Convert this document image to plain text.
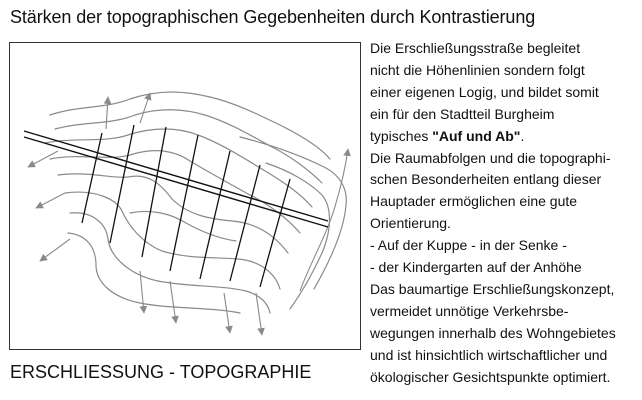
Stärken der topographischen Gegebenheiten durch Kontrastierung
ERSCHLIESSUNG - TOPOGRAPHIE
Die Erschließungsstraße begleitet
nicht die Höhenlinien sondern folgt
einer eigenen Logig, und bildet somit
ein für den Stadtteil Burgheim
typisches "Auf und Ab".
Die Raumabfolgen und die topographi-
schen Besonderheiten entlang dieser
Hauptader ermöglichen eine gute
Orientierung.
- Auf der Kuppe - in der Senke -
- der Kindergarten auf der Anhöhe
Das baumartige Erschließungskonzept,
vermeidet unnötige Verkehrsbe-
wegungen innerhalb des Wohngebietes
und ist hinsichtlich wirtschaftlicher und
ökologischer Gesichtspunkte optimiert.
